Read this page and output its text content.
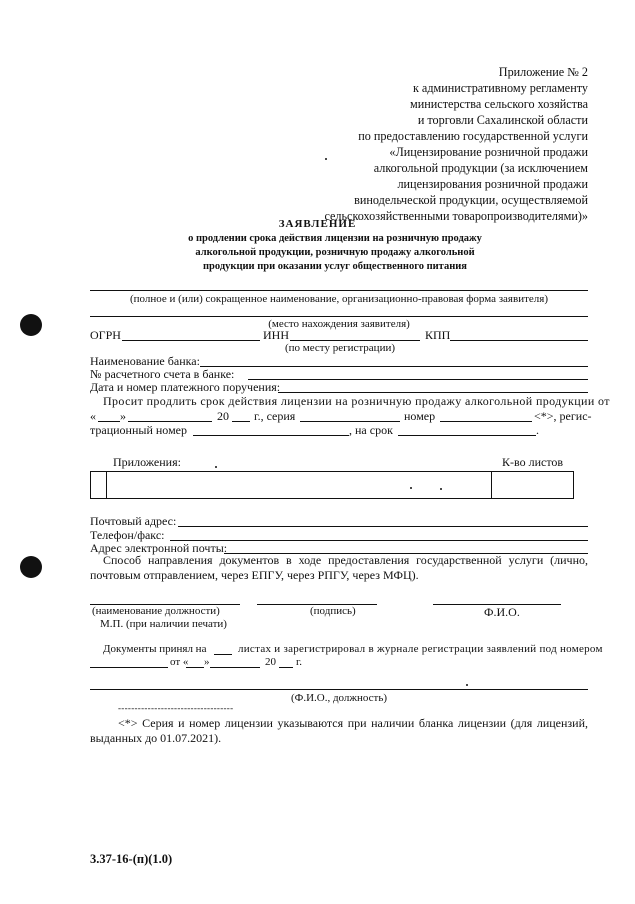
Приложение № 2
к административному регламенту
министерства сельского хозяйства
и торговли Сахалинской области
по предоставлению государственной услуги
«Лицензирование розничной продажи
алкогольной продукции (за исключением
лицензирования розничной продажи
винодельческой продукции, осуществляемой
сельскохозяйственными товаропроизводителями)»
ЗАЯВЛЕНИЕ
о продлении срока действия лицензии на розничную продажу
алкогольной продукции, розничную продажу алкогольной
продукции при оказании услуг общественного питания
(полное и (или) сокращенное наименование, организационно-правовая форма заявителя)
(место нахождения заявителя)
ОГРН	ИНН	КПП
(по месту регистрации)
Наименование банка:
№ расчетного счета в банке:
Дата и номер платежного поручения:
Просит продлить срок действия лицензии на розничную продажу алкогольной продукции от
« »	20 г., серия	номер	<*>, регис-
трационный номер	, на срок	.
Приложения:	К-во листов
Почтовый адрес:
Телефон/факс:
Адрес электронной почты:
Способ направления документов в ходе предоставления государственной услуги (лично, почтовым отправлением, через ЕПГУ, через РПГУ, через МФЦ).
(наименование должности)	(подпись)	Ф.И.О.
М.П. (при наличии печати)
Документы принял на	листах и зарегистрировал в журнале регистрации заявлений под номером
от « »	20 г.
(Ф.И.О., должность)
-----------------------------------
<*> Серия и номер лицензии указываются при наличии бланка лицензии (для лицензий, выданных до 01.07.2021).
3.37-16-(п)(1.0)
